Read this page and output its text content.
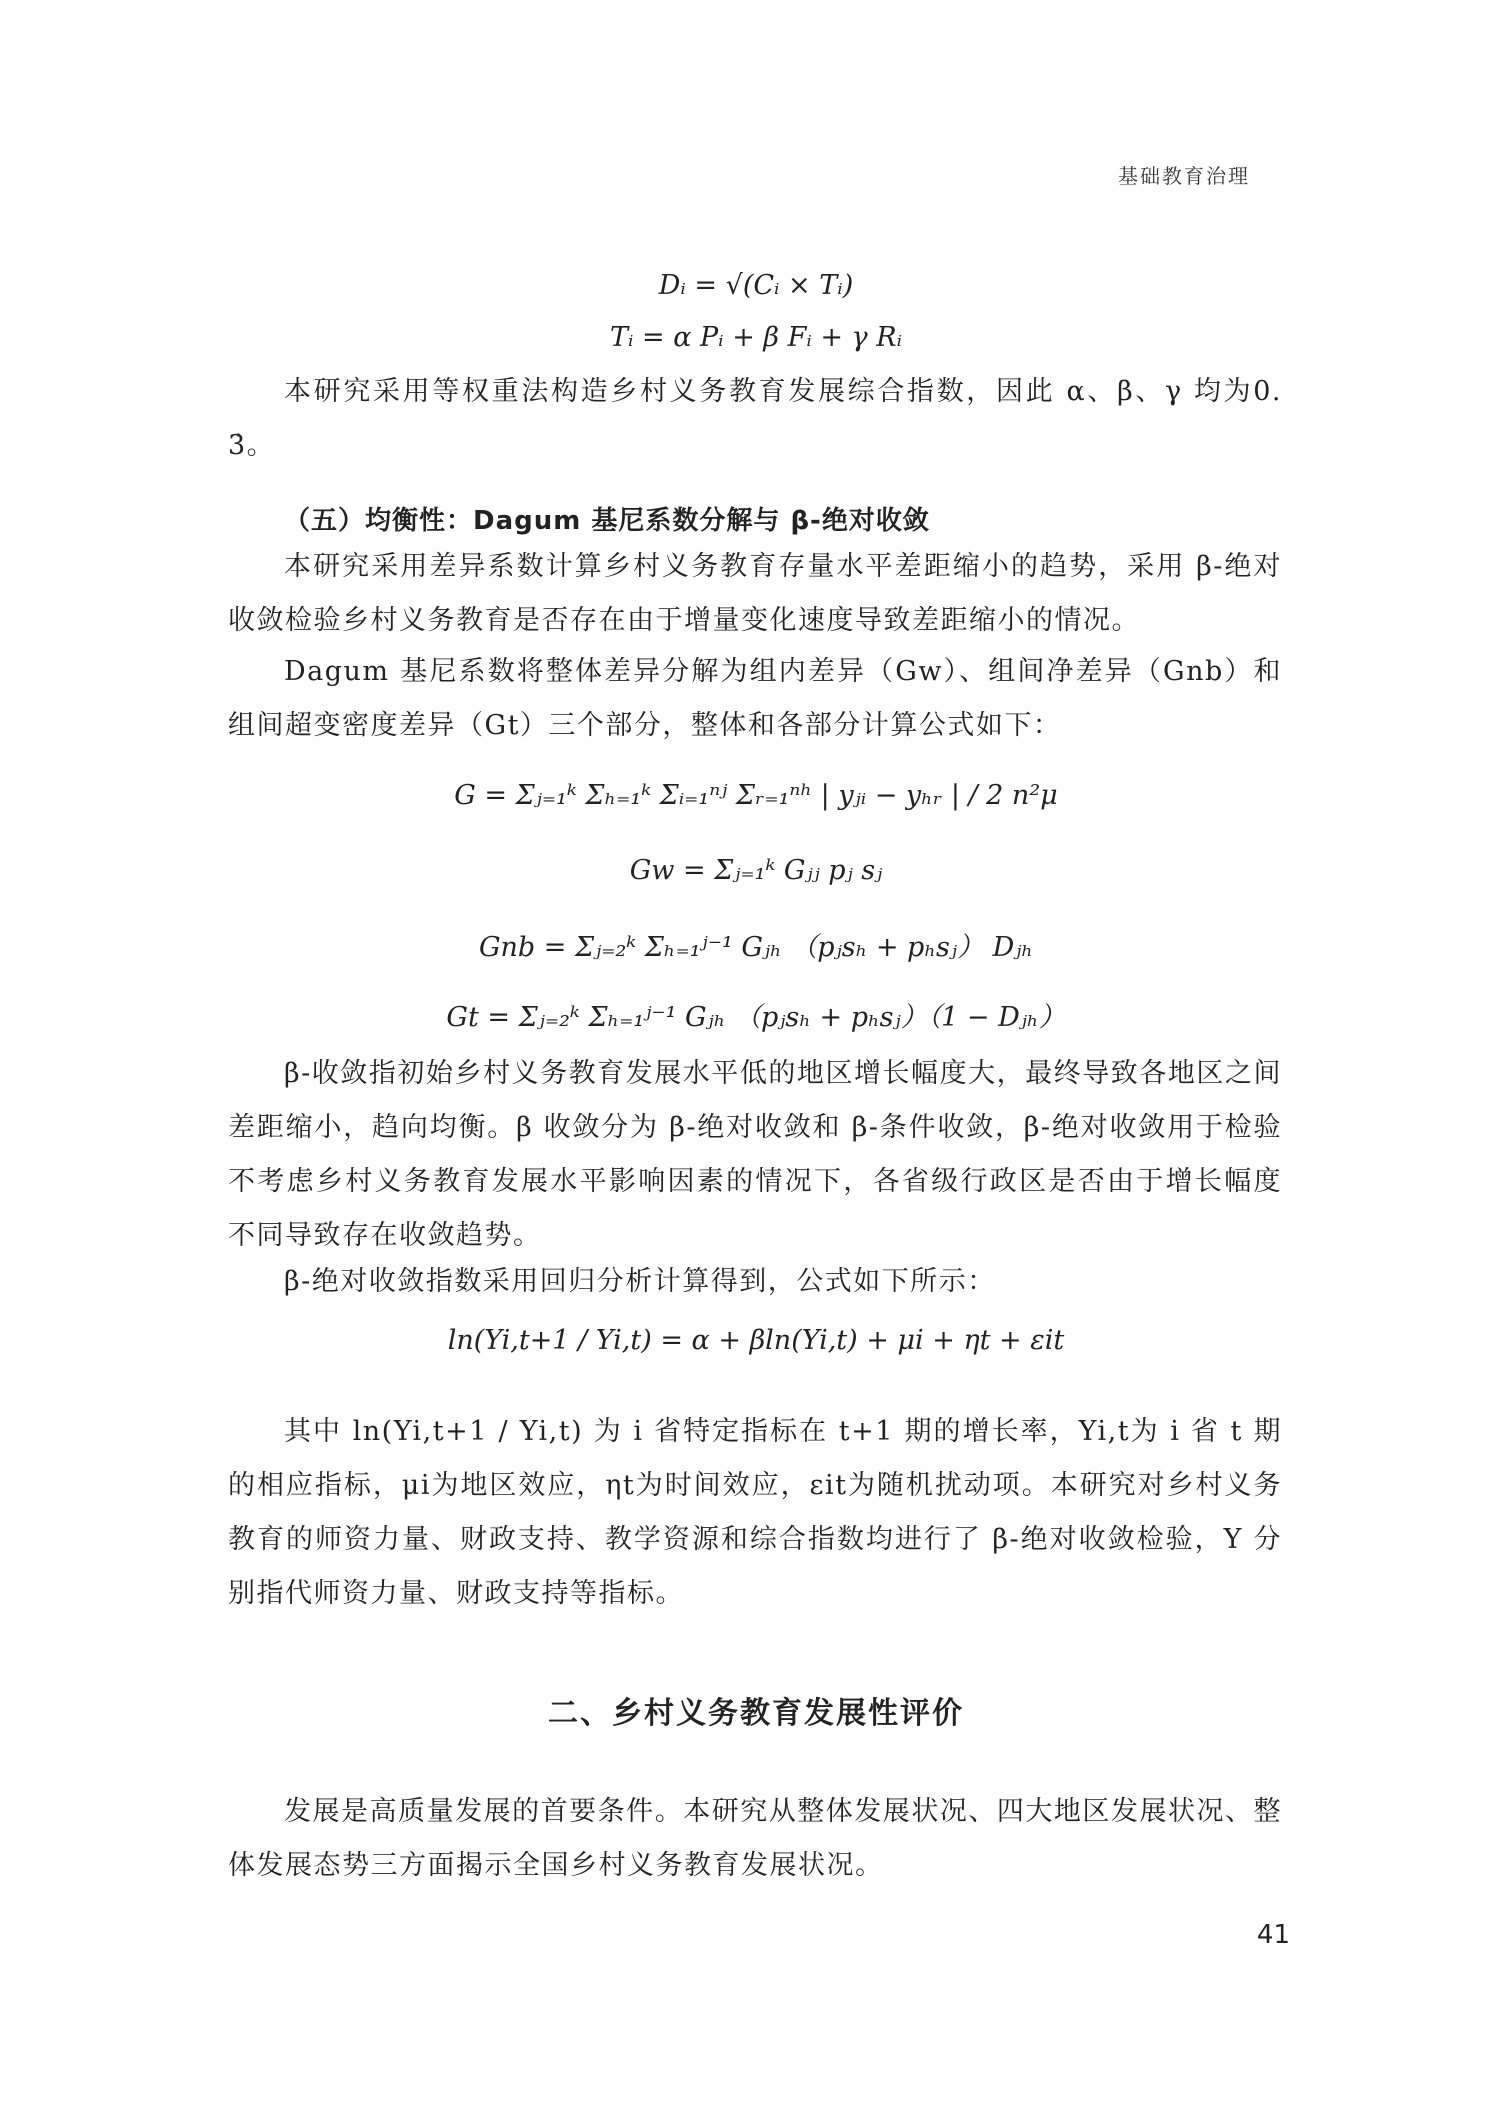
基础教育治理
Dᵢ = √(Cᵢ × Tᵢ)
Tᵢ = α Pᵢ + β Fᵢ + γ Rᵢ
本研究采用等权重法构造乡村义务教育发展综合指数，因此 α、β、γ 均为0. 3̇。
（五）均衡性：Dagum 基尼系数分解与 β-绝对收敛
本研究采用差异系数计算乡村义务教育存量水平差距缩小的趋势，采用 β-绝对收敛检验乡村义务教育是否存在由于增量变化速度导致差距缩小的情况。
Dagum 基尼系数将整体差异分解为组内差异（Gw）、组间净差异（Gnb）和组间超变密度差异（Gt）三个部分，整体和各部分计算公式如下：
G = Σⱼ₌₁ᵏ Σₕ₌₁ᵏ Σᵢ₌₁ⁿʲ Σᵣ₌₁ⁿʰ | yⱼᵢ − yₕᵣ | / 2 n²μ
Gw = Σⱼ₌₁ᵏ Gⱼⱼ pⱼ sⱼ
Gnb = Σⱼ₌₂ᵏ Σₕ₌₁ʲ⁻¹ Gⱼₕ （pⱼsₕ + pₕsⱼ） Dⱼₕ
Gt = Σⱼ₌₂ᵏ Σₕ₌₁ʲ⁻¹ Gⱼₕ （pⱼsₕ + pₕsⱼ）（1 − Dⱼₕ）
β-收敛指初始乡村义务教育发展水平低的地区增长幅度大，最终导致各地区之间差距缩小，趋向均衡。β 收敛分为 β-绝对收敛和 β-条件收敛，β-绝对收敛用于检验不考虑乡村义务教育发展水平影响因素的情况下，各省级行政区是否由于增长幅度不同导致存在收敛趋势。
β-绝对收敛指数采用回归分析计算得到，公式如下所示：
ln(Yi,t+1 / Yi,t) = α + βln(Yi,t) + μi + ηt + εit
其中 ln(Yi,t+1 / Yi,t) 为 i 省特定指标在 t+1 期的增长率，Yi,t为 i 省 t 期的相应指标，μi为地区效应，ηt为时间效应，εit为随机扰动项。本研究对乡村义务教育的师资力量、财政支持、教学资源和综合指数均进行了 β-绝对收敛检验，Y 分别指代师资力量、财政支持等指标。
二、乡村义务教育发展性评价
发展是高质量发展的首要条件。本研究从整体发展状况、四大地区发展状况、整体发展态势三方面揭示全国乡村义务教育发展状况。
41
